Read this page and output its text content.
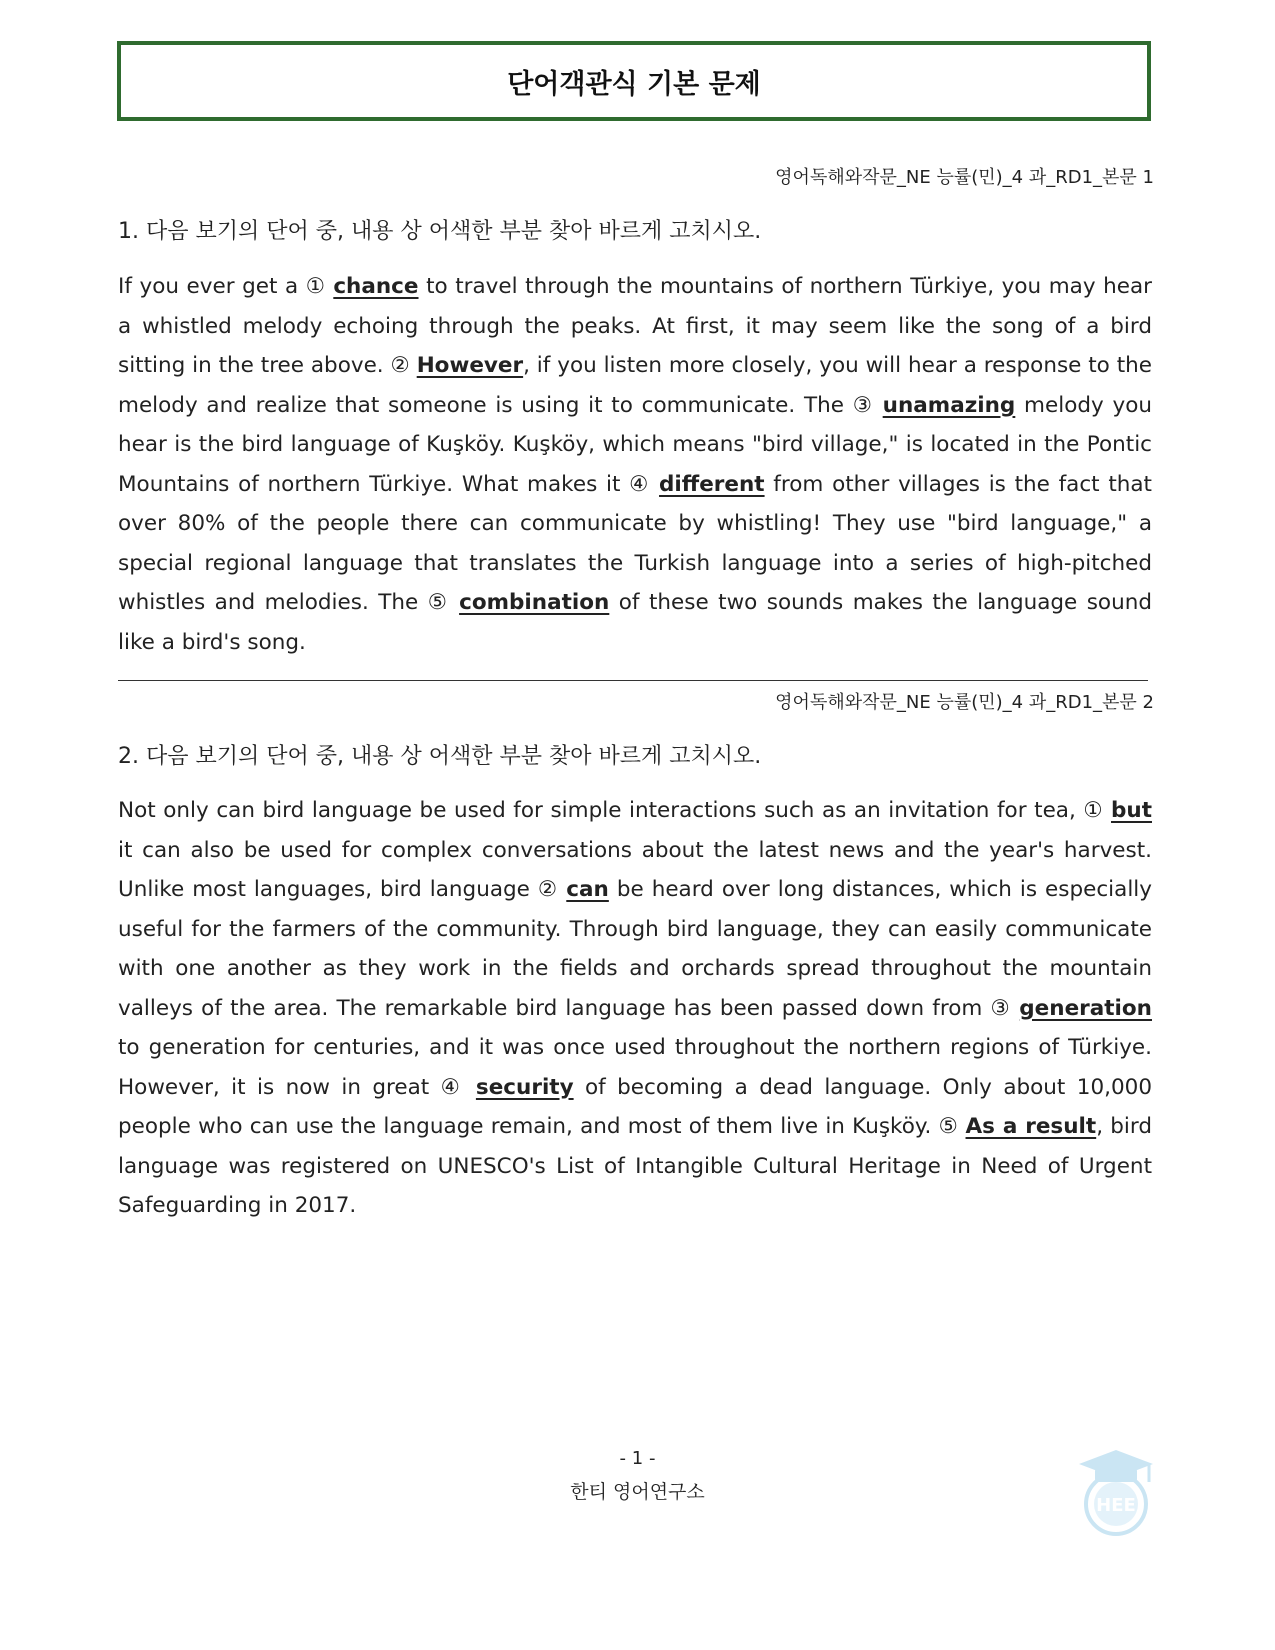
단어객관식 기본 문제
영어독해와작문_NE 능률(민)_4 과_RD1_본문 1
1. 다음 보기의 단어 중, 내용 상 어색한 부분 찾아 바르게 고치시오.

If you ever get a ① chance to travel through the mountains of northern Türkiye, you may hear a whistled melody echoing through the peaks. At first, it may seem like the song of a bird sitting in the tree above. ② However, if you listen more closely, you will hear a response to the melody and realize that someone is using it to communicate. The ③ unamazing melody you hear is the bird language of Kuşköy. Kuşköy, which means "bird village," is located in the Pontic Mountains of northern Türkiye. What makes it ④ different from other villages is the fact that over 80% of the people there can communicate by whistling! They use "bird language," a special regional language that translates the Turkish language into a series of high-pitched whistles and melodies. The ⑤ combination of these two sounds makes the language sound like a bird's song.

영어독해와작문_NE 능률(민)_4 과_RD1_본문 2
2. 다음 보기의 단어 중, 내용 상 어색한 부분 찾아 바르게 고치시오.

Not only can bird language be used for simple interactions such as an invitation for tea, ① but it can also be used for complex conversations about the latest news and the year's harvest. Unlike most languages, bird language ② can be heard over long distances, which is especially useful for the farmers of the community. Through bird language, they can easily communicate with one another as they work in the fields and orchards spread throughout the mountain valleys of the area. The remarkable bird language has been passed down from ③ generation to generation for centuries, and it was once used throughout the northern regions of Türkiye. However, it is now in great ④ security of becoming a dead language. Only about 10,000 people who can use the language remain, and most of them live in Kuşköy. ⑤ As a result, bird language was registered on UNESCO's List of Intangible Cultural Heritage in Need of Urgent Safeguarding in 2017.

- 1 -
한티 영어연구소
HEE
